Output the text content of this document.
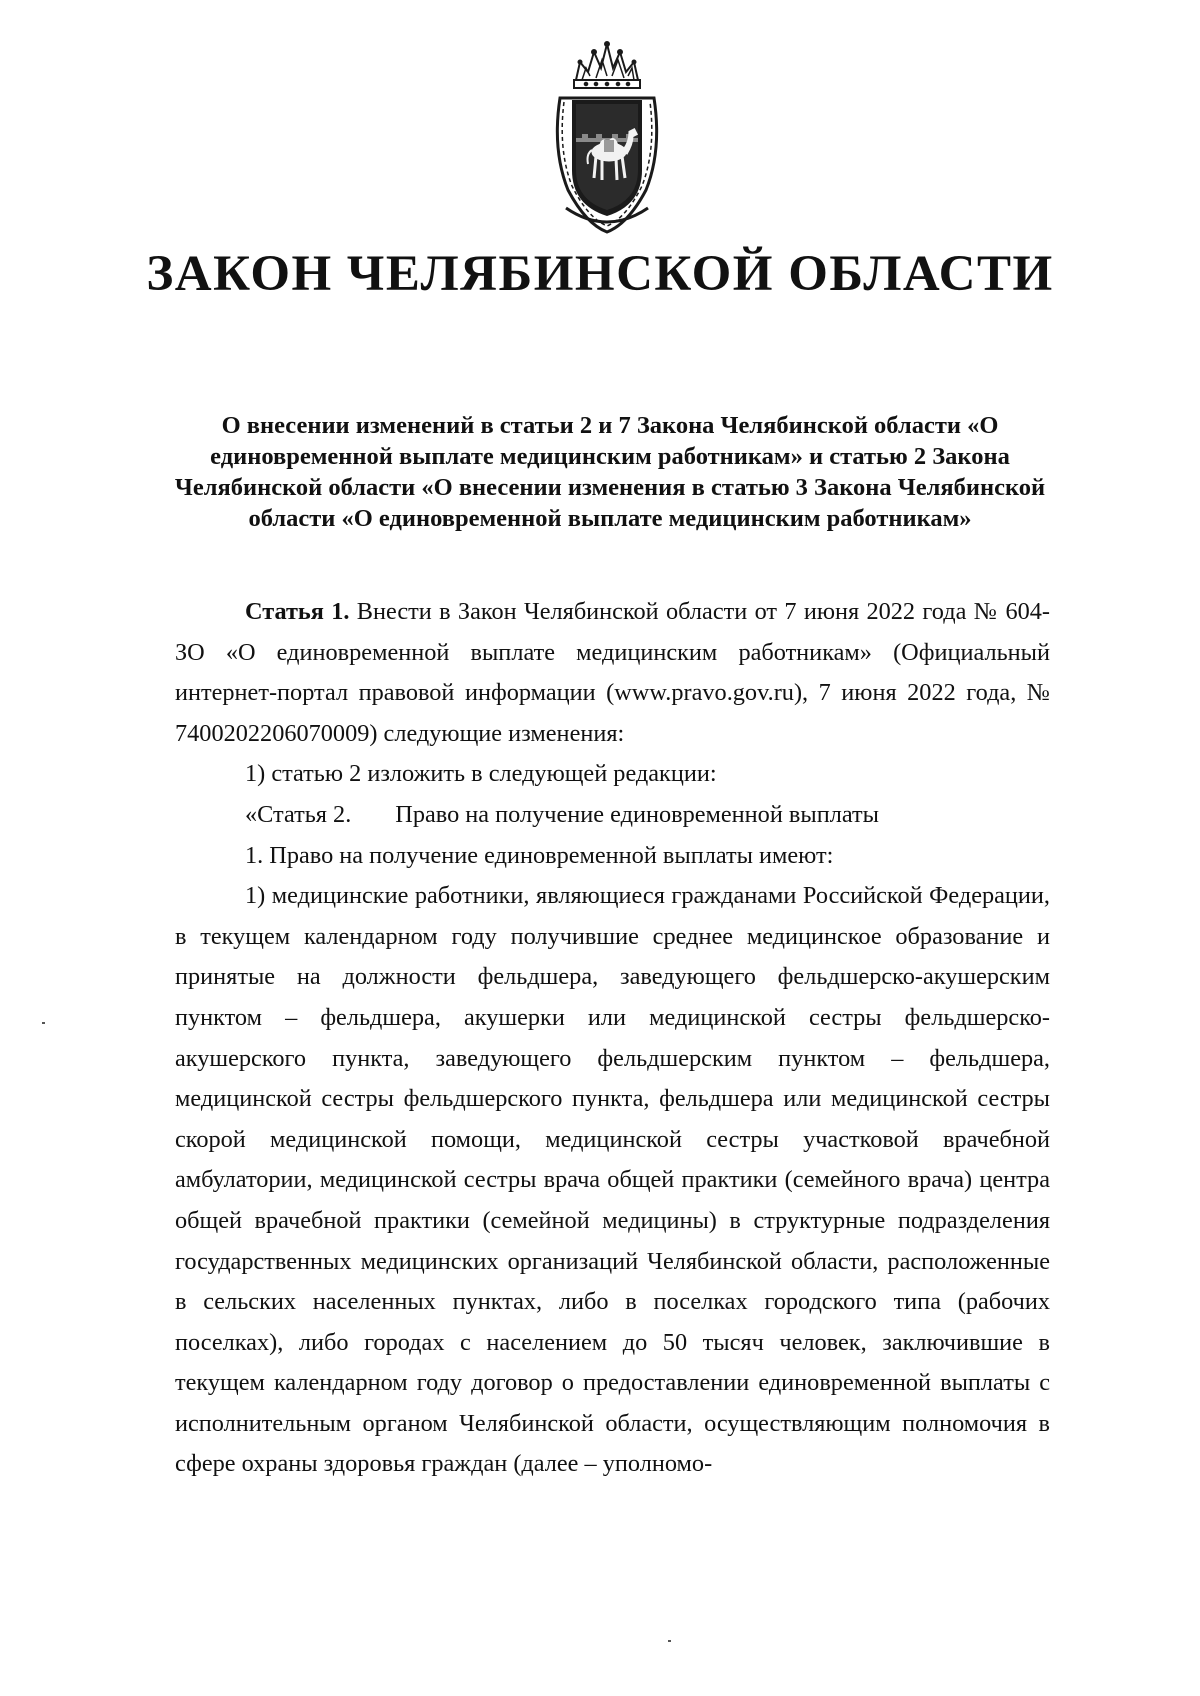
ЗАКОН ЧЕЛЯБИНСКОЙ ОБЛАСТИ

О внесении изменений в статьи 2 и 7 Закона Челябинской области «О единовременной выплате медицинским работникам» и статью 2 Закона Челябинской области «О внесении изменения в статью 3 Закона Челябинской области «О единовременной выплате медицинским работникам»

Статья 1. Внести в Закон Челябинской области от 7 июня 2022 года № 604-ЗО «О единовременной выплате медицинским работникам» (Официальный интернет-портал правовой информации (www.pravo.gov.ru), 7 июня 2022 года, № 7400202206070009) следующие изменения:

1) статью 2 изложить в следующей редакции:

«Статья 2. Право на получение единовременной выплаты

1. Право на получение единовременной выплаты имеют:

1) медицинские работники, являющиеся гражданами Российской Федерации, в текущем календарном году получившие среднее медицинское образование и принятые на должности фельдшера, заведующего фельдшерско-акушерским пунктом – фельдшера, акушерки или медицинской сестры фельдшерско-акушерского пункта, заведующего фельдшерским пунктом – фельдшера, медицинской сестры фельдшерского пункта, фельдшера или медицинской сестры скорой медицинской помощи, медицинской сестры участковой врачебной амбулатории, медицинской сестры врача общей практики (семейного врача) центра общей врачебной практики (семейной медицины) в структурные подразделения государственных медицинских организаций Челябинской области, расположенные в сельских населенных пунктах, либо в поселках городского типа (рабочих поселках), либо городах с населением до 50 тысяч человек, заключившие в текущем календарном году договор о предоставлении единовременной выплаты с исполнительным органом Челябинской области, осуществляющим полномочия в сфере охраны здоровья граждан (далее – уполномо-
